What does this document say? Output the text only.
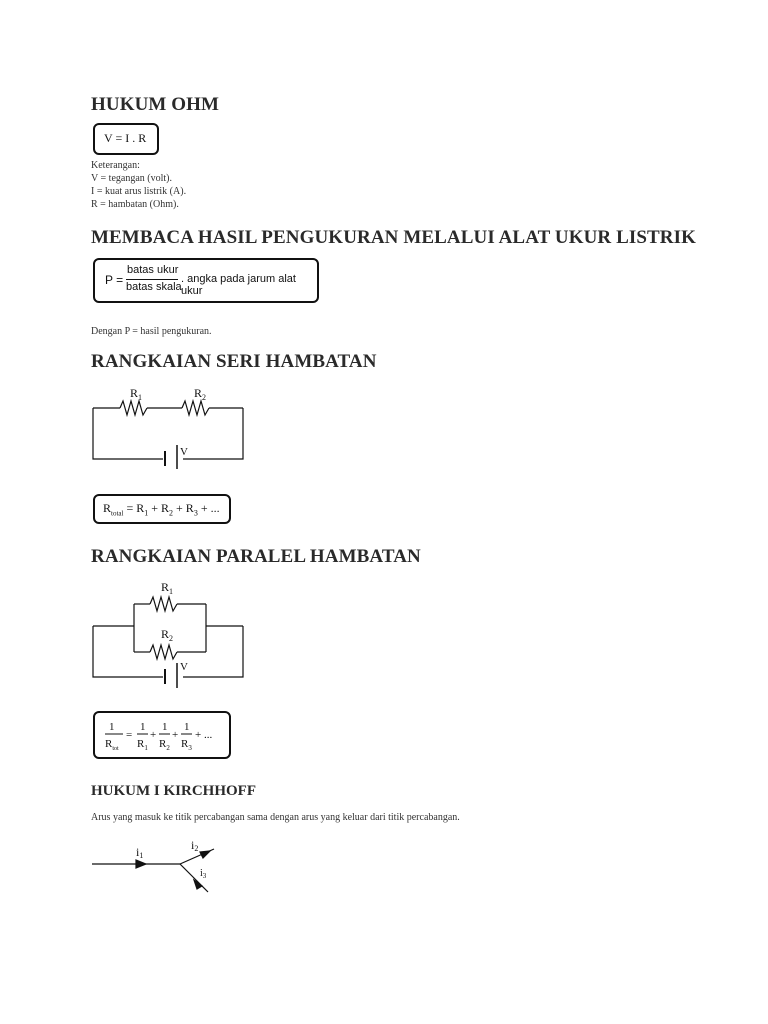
HUKUM OHM
V = I . R
Keterangan:
V = tegangan (volt).
I = kuat arus listrik (A).
R = hambatan (Ohm).
MEMBACA HASIL PENGUKURAN MELALUI ALAT UKUR LISTRIK
P =
batas ukur
batas skala
. angka pada jarum alat ukur
Dengan P = hasil pengukuran.
RANGKAIAN SERI HAMBATAN
$R_1$	$R_2$
V
$R_{total} = R_1 + R_2 + R_3$ + ...
RANGKAIAN PARALEL HAMBATAN
$R_1$
$R_2$
V
1
$R_{tot}$
=
1
$R_1$
+
1
$R_2$
+
1
$R_3$
+ ...
HUKUM I KIRCHHOFF
Arus yang masuk ke titik percabangan sama dengan arus yang keluar dari titik percabangan.
i1
i2
$i_3$
